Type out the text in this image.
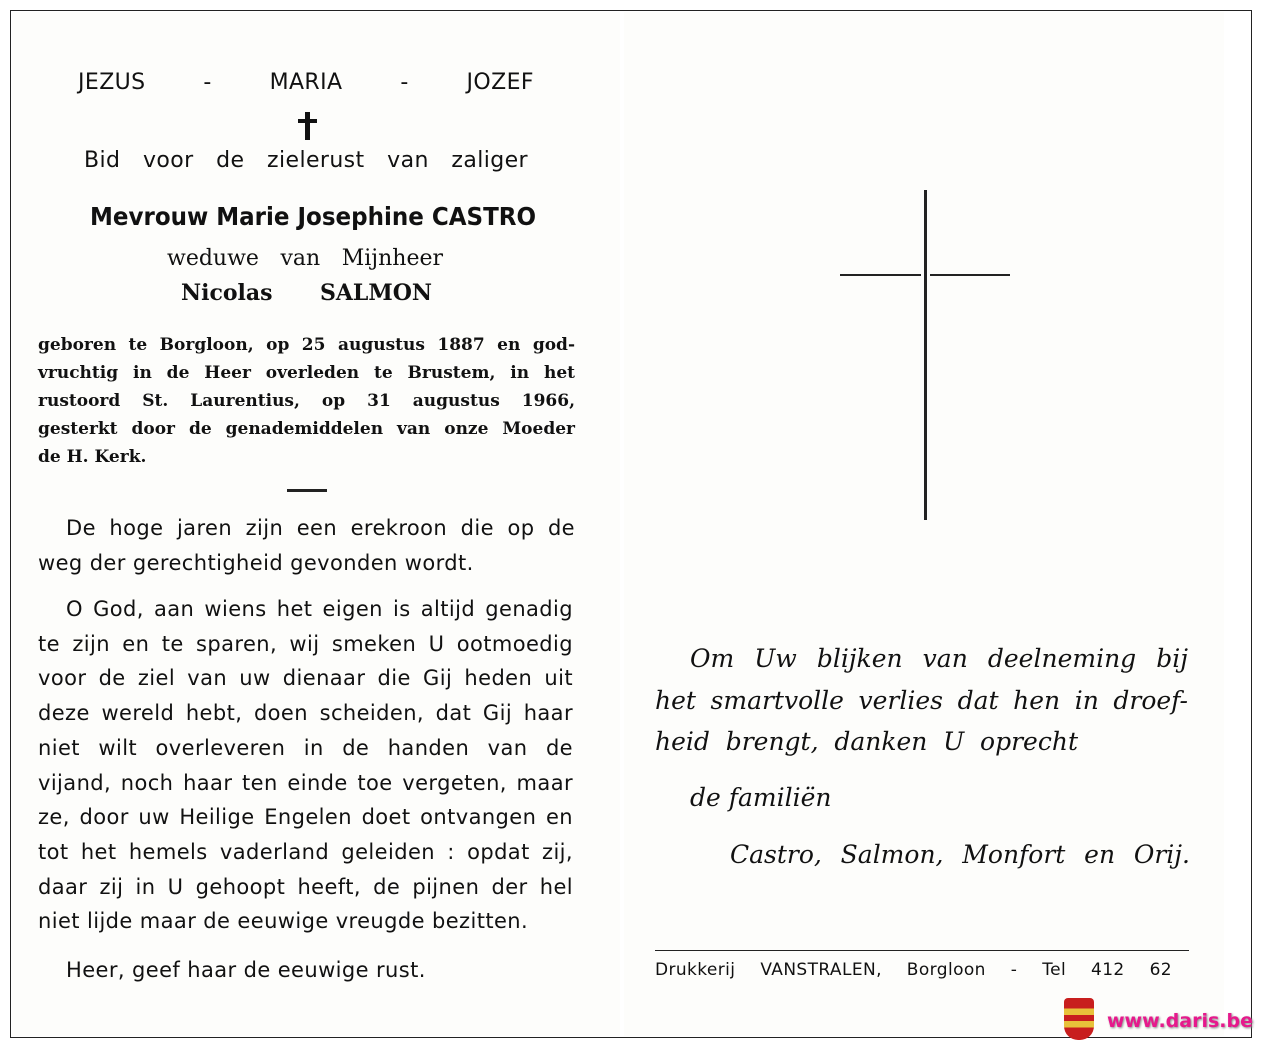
JEZUS	-	MARIA	-	JOZEF
Bid voor de zielerust van zaliger
Mevrouw Marie Josephine CASTRO
weduwe van Mijnheer
Nicolas SALMON
geboren te Borgloon, op 25 augustus 1887 en god-
vruchtig in de Heer overleden te Brustem, in het
rustoord St. Laurentius, op 31 augustus 1966,
gesterkt door de genademiddelen van onze Moeder
de H. Kerk.
De hoge jaren zijn een erekroon die op de
weg der gerechtigheid gevonden wordt.
O God, aan wiens het eigen is altijd genadig
te zijn en te sparen, wij smeken U ootmoedig
voor de ziel van uw dienaar die Gij heden uit
deze wereld hebt, doen scheiden, dat Gij haar
niet wilt overleveren in de handen van de
vijand, noch haar ten einde toe vergeten, maar
ze, door uw Heilige Engelen doet ontvangen en
tot het hemels vaderland geleiden : opdat zij,
daar zij in U gehoopt heeft, de pijnen der hel
niet lijde maar de eeuwige vreugde bezitten.
Heer, geef haar de eeuwige rust.
Om Uw blijken van deelneming bij
het smartvolle verlies dat hen in droef-
heid brengt, danken U oprecht
de familiën
Castro, Salmon, Monfort en Orij.
Drukkerij VANSTRALEN, Borgloon - Tel 412 62
www.daris.be
